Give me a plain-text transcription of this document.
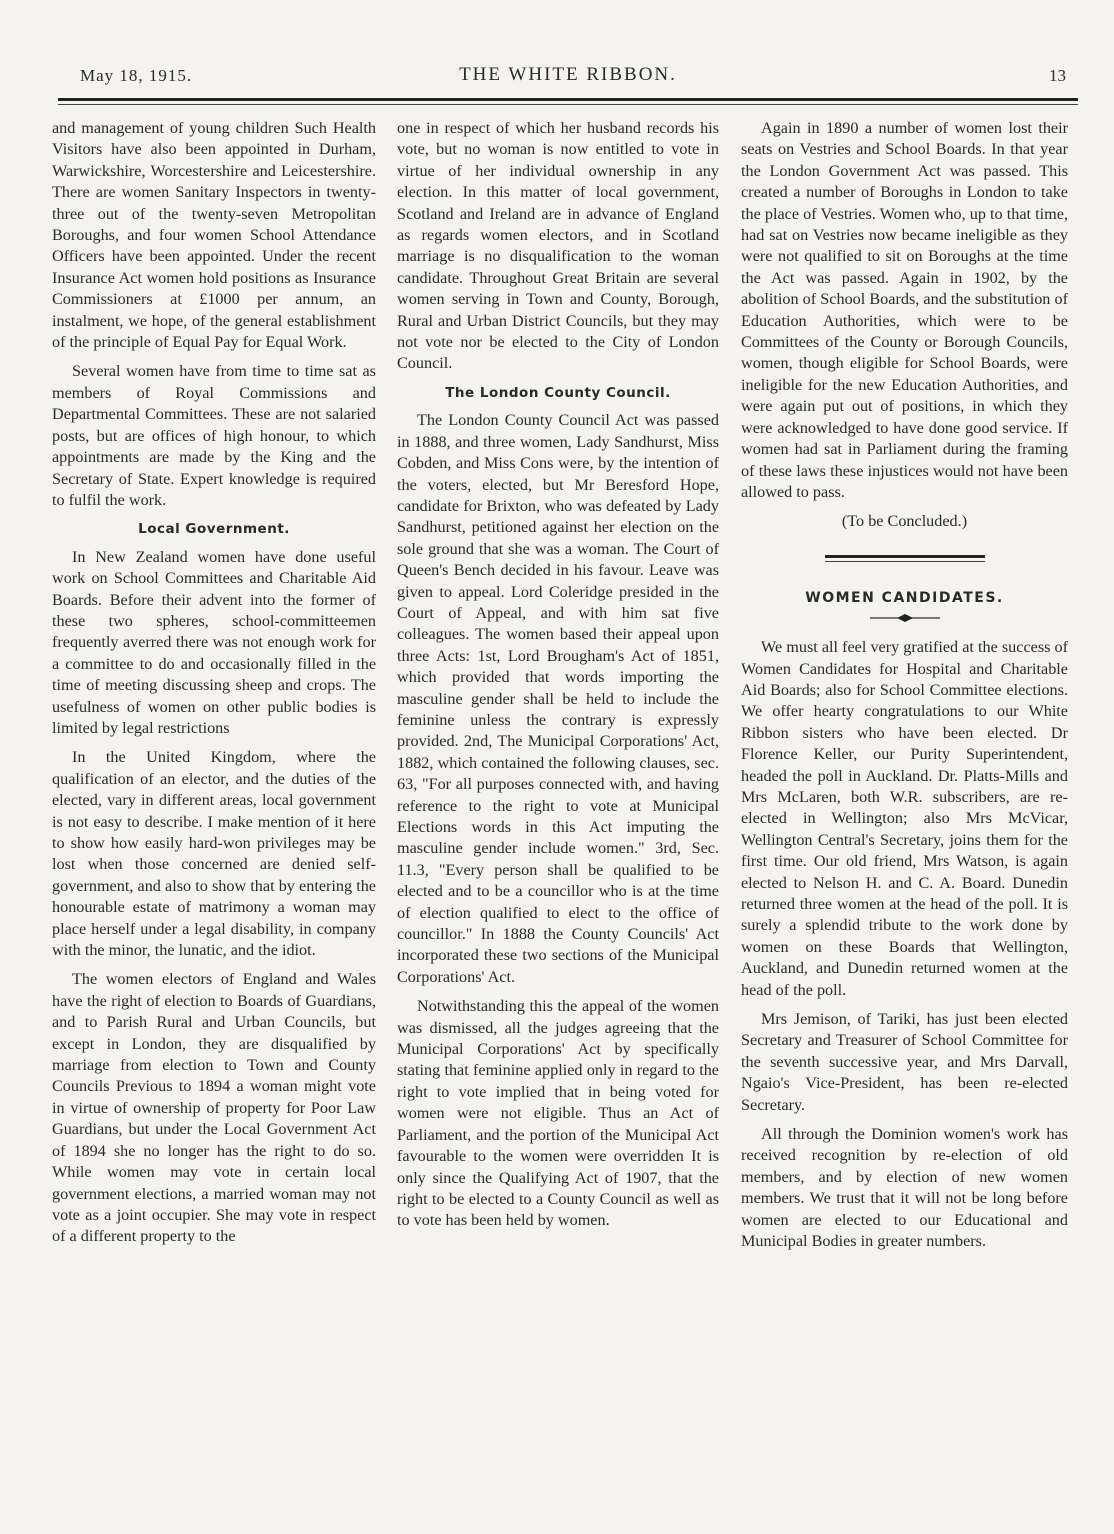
May 18, 1915.	THE WHITE RIBBON.	13

and management of young children Such Health Visitors have also been appointed in Durham, Warwickshire, Worcestershire and Leicestershire. There are women Sanitary Inspectors in twenty-three out of the twenty-seven Metropolitan Boroughs, and four women School Attendance Officers have been appointed. Under the recent Insurance Act women hold positions as Insurance Commissioners at £1000 per annum, an instalment, we hope, of the general establishment of the principle of Equal Pay for Equal Work.

Several women have from time to time sat as members of Royal Commissions and Departmental Committees. These are not salaried posts, but are offices of high honour, to which appointments are made by the King and the Secretary of State. Expert knowledge is required to fulfil the work.

Local Government.

In New Zealand women have done useful work on School Committees and Charitable Aid Boards. Before their advent into the former of these two spheres, school-committeemen frequently averred there was not enough work for a committee to do and occasionally filled in the time of meeting discussing sheep and crops. The usefulness of women on other public bodies is limited by legal restrictions

In the United Kingdom, where the qualification of an elector, and the duties of the elected, vary in different areas, local government is not easy to describe. I make mention of it here to show how easily hard-won privileges may be lost when those concerned are denied self-government, and also to show that by entering the honourable estate of matrimony a woman may place herself under a legal disability, in company with the minor, the lunatic, and the idiot.

The women electors of England and Wales have the right of election to Boards of Guardians, and to Parish Rural and Urban Councils, but except in London, they are disqualified by marriage from election to Town and County Councils Previous to 1894 a woman might vote in virtue of ownership of property for Poor Law Guardians, but under the Local Government Act of 1894 she no longer has the right to do so. While women may vote in certain local government elections, a married woman may not vote as a joint occupier. She may vote in respect of a different property to the

one in respect of which her husband records his vote, but no woman is now entitled to vote in virtue of her individual ownership in any election. In this matter of local government, Scotland and Ireland are in advance of England as regards women electors, and in Scotland marriage is no disqualification to the woman candidate. Throughout Great Britain are several women serving in Town and County, Borough, Rural and Urban District Councils, but they may not vote nor be elected to the City of London Council.

The London County Council.

The London County Council Act was passed in 1888, and three women, Lady Sandhurst, Miss Cobden, and Miss Cons were, by the intention of the voters, elected, but Mr Beresford Hope, candidate for Brixton, who was defeated by Lady Sandhurst, petitioned against her election on the sole ground that she was a woman. The Court of Queen's Bench decided in his favour. Leave was given to appeal. Lord Coleridge presided in the Court of Appeal, and with him sat five colleagues. The women based their appeal upon three Acts: 1st, Lord Brougham's Act of 1851, which provided that words importing the masculine gender shall be held to include the feminine unless the contrary is expressly provided. 2nd, The Municipal Corporations' Act, 1882, which contained the following clauses, sec. 63, "For all purposes connected with, and having reference to the right to vote at Municipal Elections words in this Act imputing the masculine gender include women." 3rd, Sec. 11.3, "Every person shall be qualified to be elected and to be a councillor who is at the time of election qualified to elect to the office of councillor." In 1888 the County Councils' Act incorporated these two sections of the Municipal Corporations' Act.

Notwithstanding this the appeal of the women was dismissed, all the judges agreeing that the Municipal Corporations' Act by specifically stating that feminine applied only in regard to the right to vote implied that in being voted for women were not eligible. Thus an Act of Parliament, and the portion of the Municipal Act favourable to the women were overridden It is only since the Qualifying Act of 1907, that the right to be elected to a County Council as well as to vote has been held by women.

Again in 1890 a number of women lost their seats on Vestries and School Boards. In that year the London Government Act was passed. This created a number of Boroughs in London to take the place of Vestries. Women who, up to that time, had sat on Vestries now became ineligible as they were not qualified to sit on Boroughs at the time the Act was passed. Again in 1902, by the abolition of School Boards, and the substitution of Education Authorities, which were to be Committees of the County or Borough Councils, women, though eligible for School Boards, were ineligible for the new Education Authorities, and were again put out of positions, in which they were acknowledged to have done good service. If women had sat in Parliament during the framing of these laws these injustices would not have been allowed to pass.

(To be Concluded.)

WOMEN CANDIDATES.

We must all feel very gratified at the success of Women Candidates for Hospital and Charitable Aid Boards; also for School Committee elections. We offer hearty congratulations to our White Ribbon sisters who have been elected. Dr Florence Keller, our Purity Superintendent, headed the poll in Auckland. Dr. Platts-Mills and Mrs McLaren, both W.R. subscribers, are re-elected in Wellington; also Mrs McVicar, Wellington Central's Secretary, joins them for the first time. Our old friend, Mrs Watson, is again elected to Nelson H. and C. A. Board. Dunedin returned three women at the head of the poll. It is surely a splendid tribute to the work done by women on these Boards that Wellington, Auckland, and Dunedin returned women at the head of the poll.

Mrs Jemison, of Tariki, has just been elected Secretary and Treasurer of School Committee for the seventh successive year, and Mrs Darvall, Ngaio's Vice-President, has been re-elected Secretary.

All through the Dominion women's work has received recognition by re-election of old members, and by election of new women members. We trust that it will not be long before women are elected to our Educational and Municipal Bodies in greater numbers.
